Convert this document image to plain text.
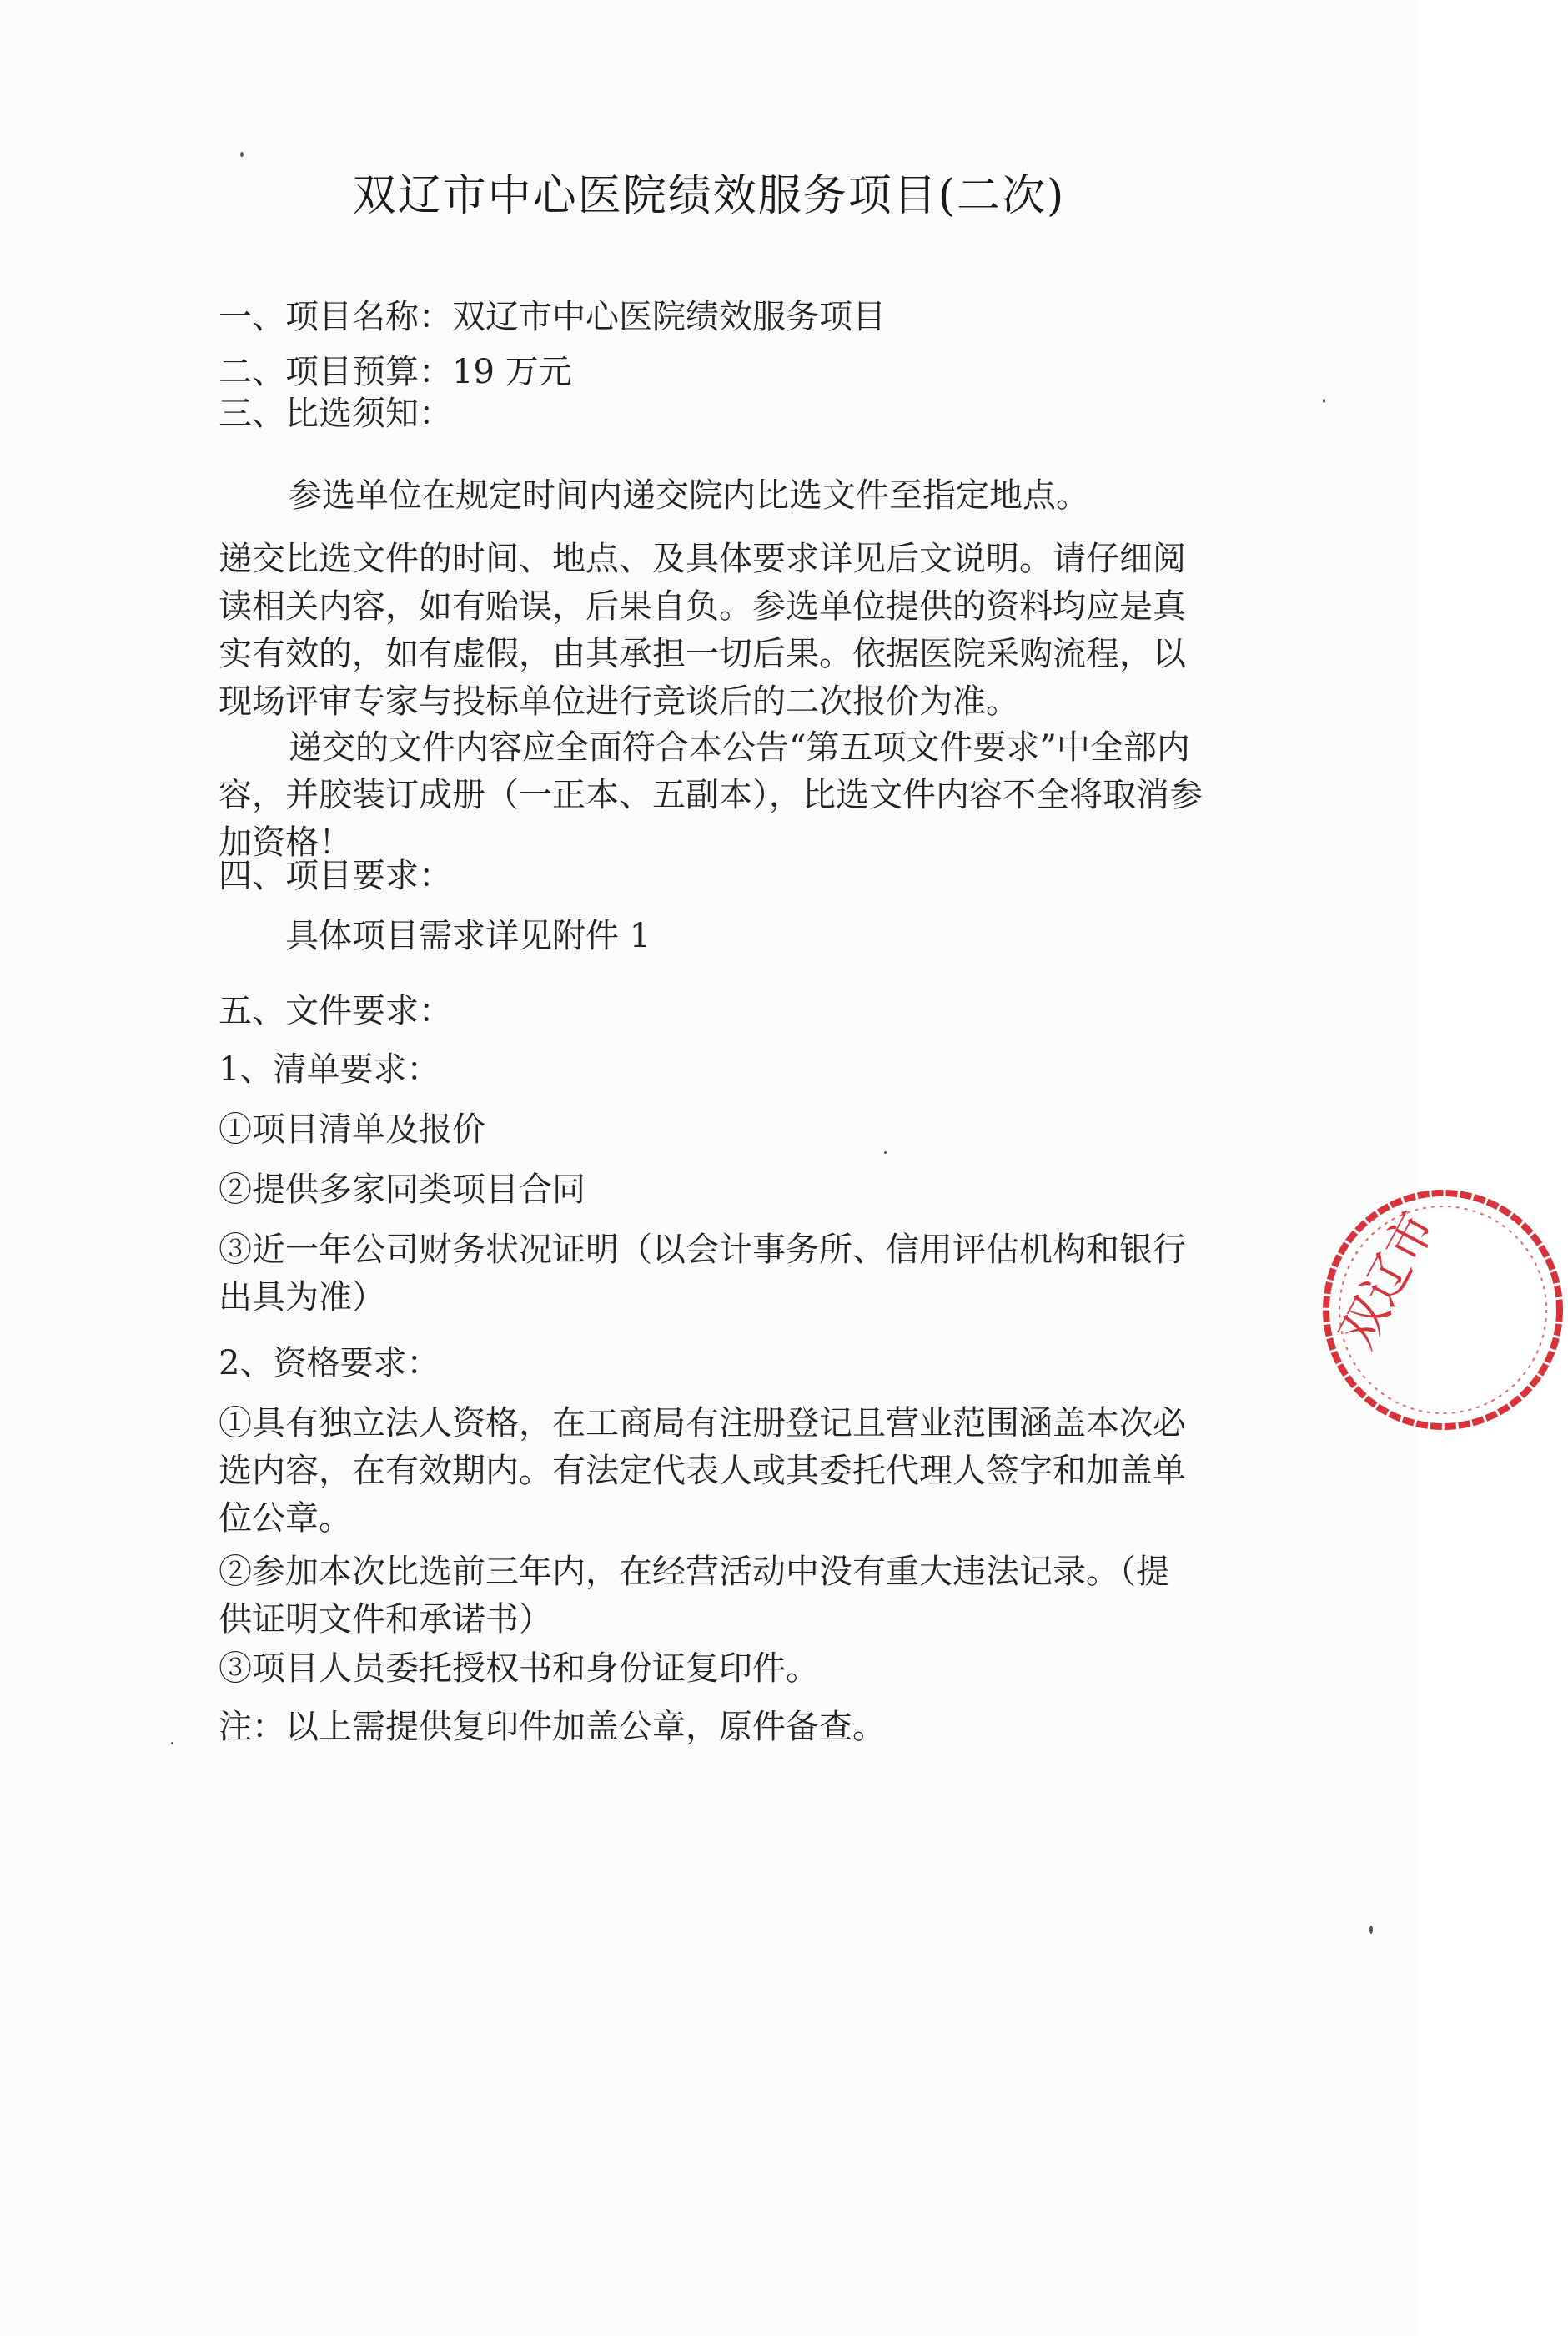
双辽市中心医院绩效服务项目(二次)
一、项目名称：双辽市中心医院绩效服务项目
二、项目预算：19 万元
三、比选须知：
参选单位在规定时间内递交院内比选文件至指定地点。
递交比选文件的时间、地点、及具体要求详见后文说明。请仔细阅读相关内容，如有贻误，后果自负。参选单位提供的资料均应是真实有效的，如有虚假，由其承担一切后果。依据医院采购流程，以现场评审专家与投标单位进行竞谈后的二次报价为准。
递交的文件内容应全面符合本公告“第五项文件要求”中全部内容，并胶装订成册（一正本、五副本），比选文件内容不全将取消参加资格！
四、项目要求：
具体项目需求详见附件 1
五、文件要求：
1、清单要求：
①项目清单及报价
②提供多家同类项目合同
③近一年公司财务状况证明（以会计事务所、信用评估机构和银行出具为准）
2、资格要求：
①具有独立法人资格，在工商局有注册登记且营业范围涵盖本次必选内容，在有效期内。有法定代表人或其委托代理人签字和加盖单位公章。
②参加本次比选前三年内，在经营活动中没有重大违法记录。（提供证明文件和承诺书）
③项目人员委托授权书和身份证复印件。
注：以上需提供复印件加盖公章，原件备查。
双辽市
